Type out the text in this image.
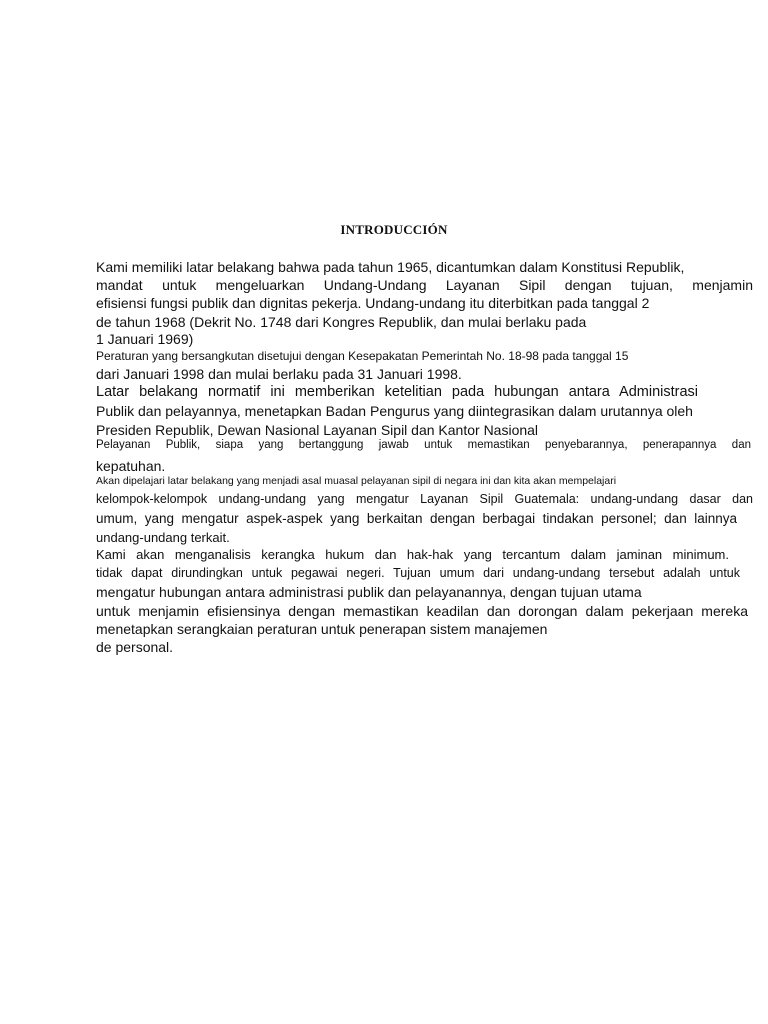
INTRODUCCIÓN
Kami memiliki latar belakang bahwa pada tahun 1965, dicantumkan dalam Konstitusi Republik,
mandat untuk mengeluarkan Undang-Undang Layanan Sipil dengan tujuan, menjamin
efisiensi fungsi publik dan dignitas pekerja. Undang-undang itu diterbitkan pada tanggal 2
de tahun 1968 (Dekrit No. 1748 dari Kongres Republik, dan mulai berlaku pada
1 Januari 1969)
Peraturan yang bersangkutan disetujui dengan Kesepakatan Pemerintah No. 18-98 pada tanggal 15
dari Januari 1998 dan mulai berlaku pada 31 Januari 1998.
Latar belakang normatif ini memberikan ketelitian pada hubungan antara Administrasi
Publik dan pelayannya, menetapkan Badan Pengurus yang diintegrasikan dalam urutannya oleh
Presiden Republik, Dewan Nasional Layanan Sipil dan Kantor Nasional
Pelayanan Publik, siapa yang bertanggung jawab untuk memastikan penyebarannya, penerapannya dan
kepatuhan.
Akan dipelajari latar belakang yang menjadi asal muasal pelayanan sipil di negara ini dan kita akan mempelajari
kelompok-kelompok undang-undang yang mengatur Layanan Sipil Guatemala: undang-undang dasar dan
umum, yang mengatur aspek-aspek yang berkaitan dengan berbagai tindakan personel; dan lainnya
undang-undang terkait.
Kami akan menganalisis kerangka hukum dan hak-hak yang tercantum dalam jaminan minimum.
tidak dapat dirundingkan untuk pegawai negeri. Tujuan umum dari undang-undang tersebut adalah untuk
mengatur hubungan antara administrasi publik dan pelayanannya, dengan tujuan utama
untuk menjamin efisiensinya dengan memastikan keadilan dan dorongan dalam pekerjaan mereka
menetapkan serangkaian peraturan untuk penerapan sistem manajemen
de personal.
